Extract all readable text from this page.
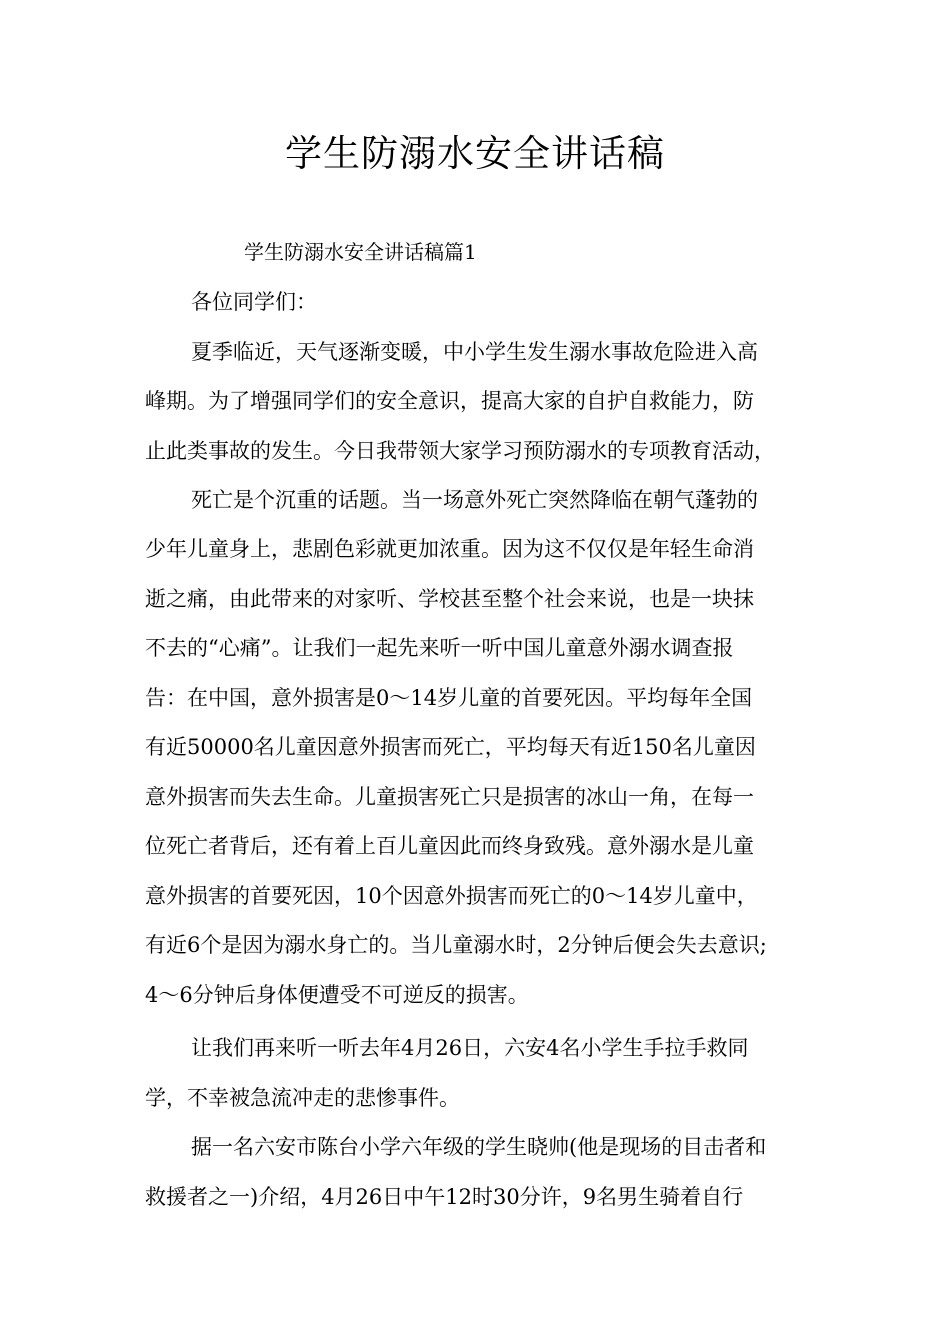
学生防溺水安全讲话稿

学生防溺水安全讲话稿篇1

各位同学们：

夏季临近，天气逐渐变暖，中小学生发生溺水事故危险进入高

峰期。为了增强同学们的安全意识，提高大家的自护自救能力，防

止此类事故的发生。今日我带领大家学习预防溺水的专项教育活动，

死亡是个沉重的话题。当一场意外死亡突然降临在朝气蓬勃的

少年儿童身上，悲剧色彩就更加浓重。因为这不仅仅是年轻生命消

逝之痛，由此带来的对家听、学校甚至整个社会来说，也是一块抹

不去的“心痛”。让我们一起先来听一听中国儿童意外溺水调查报

告：在中国，意外损害是0～14岁儿童的首要死因。平均每年全国

有近50000名儿童因意外损害而死亡，平均每天有近150名儿童因

意外损害而失去生命。儿童损害死亡只是损害的冰山一角，在每一

位死亡者背后，还有着上百儿童因此而终身致残。意外溺水是儿童

意外损害的首要死因，10个因意外损害而死亡的0～14岁儿童中，

有近6个是因为溺水身亡的。当儿童溺水时，2分钟后便会失去意识;

4～6分钟后身体便遭受不可逆反的损害。

让我们再来听一听去年4月26日，六安4名小学生手拉手救同

学，不幸被急流冲走的悲惨事件。

据一名六安市陈台小学六年级的学生晓帅(他是现场的目击者和

救援者之一)介绍，4月26日中午12时30分许，9名男生骑着自行
